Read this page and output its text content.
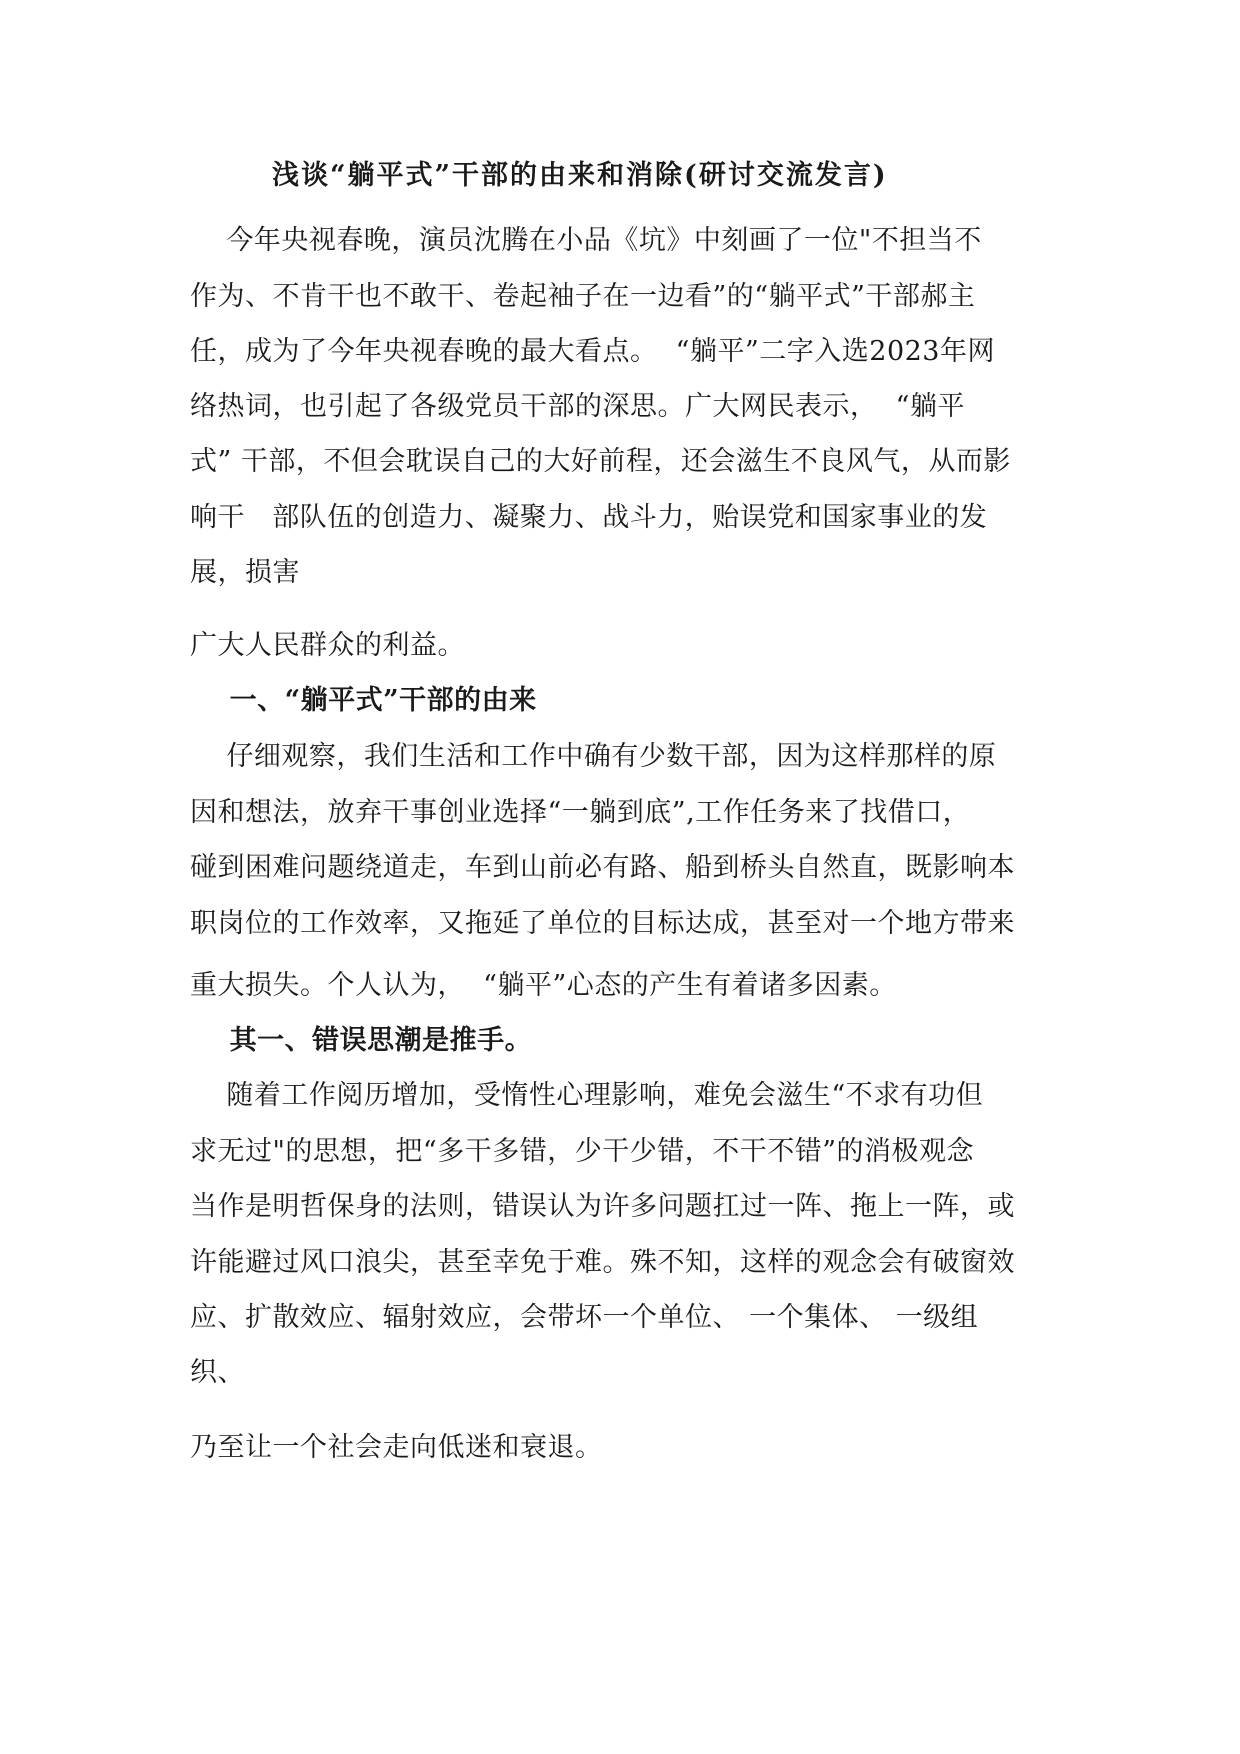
浅谈“躺平式”干部的由来和消除(研讨交流发言)
今年央视春晚，演员沈腾在小品《坑》中刻画了一位"不担当不
作为、不肯干也不敢干、卷起袖子在一边看”的“躺平式”干部郝主
任，成为了今年央视春晚的最大看点。  “躺平”二字入选2023年网
络热词，也引起了各级党员干部的深思。广大网民表示，  “躺平
式” 干部，不但会耽误自己的大好前程，还会滋生不良风气，从而影
响干   部队伍的创造力、凝聚力、战斗力，贻误党和国家事业的发
展，损害
广大人民群众的利益。
一、“躺平式”干部的由来
仔细观察，我们生活和工作中确有少数干部，因为这样那样的原
因和想法，放弃干事创业选择“一躺到底”,工作任务来了找借口，
碰到困难问题绕道走，车到山前必有路、船到桥头自然直，既影响本
职岗位的工作效率，又拖延了单位的目标达成，甚至对一个地方带来
重大损失。个人认为，  “躺平”心态的产生有着诸多因素。
其一、错误思潮是推手。
随着工作阅历增加，受惰性心理影响，难免会滋生“不求有功但
求无过"的思想，把“多干多错，少干少错，不干不错”的消极观念
当作是明哲保身的法则，错误认为许多问题扛过一阵、拖上一阵，或
许能避过风口浪尖，甚至幸免于难。殊不知，这样的观念会有破窗效
应、扩散效应、辐射效应，会带坏一个单位、 一个集体、 一级组
织、
乃至让一个社会走向低迷和衰退。
